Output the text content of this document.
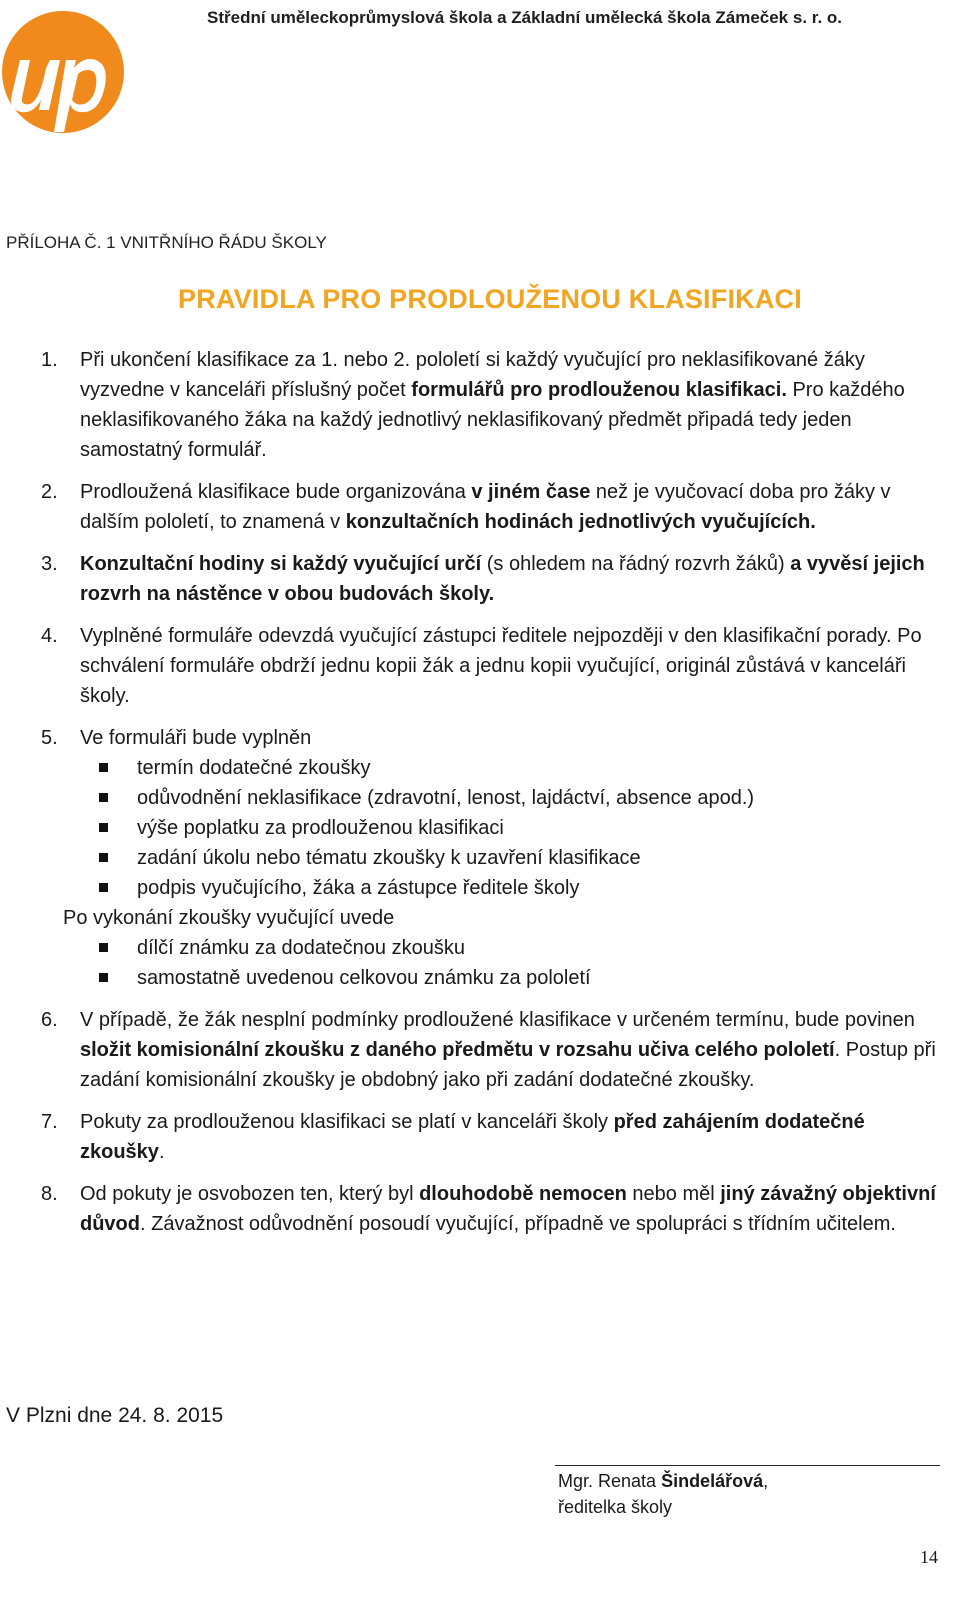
Střední uměleckoprůmyslová škola a Základní umělecká škola Zámeček s. r. o.
PŘÍLOHA Č. 1 VNITŘNÍHO ŘÁDU ŠKOLY
PRAVIDLA PRO PRODLOUŽENOU KLASIFIKACI
1. Při ukončení klasifikace za 1. nebo 2. pololetí si každý vyučující pro neklasifikované žáky vyzvedne v kanceláři příslušný počet formulářů pro prodlouženou klasifikaci. Pro každého neklasifikovaného žáka na každý jednotlivý neklasifikovaný předmět připadá tedy jeden samostatný formulář.

2. Prodloužená klasifikace bude organizována v jiném čase než je vyučovací doba pro žáky v dalším pololetí, to znamená v konzultačních hodinách jednotlivých vyučujících.

3. Konzultační hodiny si každý vyučující určí (s ohledem na řádný rozvrh žáků) a vyvěsí jejich rozvrh na nástěnce v obou budovách školy.

4. Vyplněné formuláře odevzdá vyučující zástupci ředitele nejpozději v den klasifikační porady. Po schválení formuláře obdrží jednu kopii žák a jednu kopii vyučující, originál zůstává v kanceláři školy.

5. Ve formuláři bude vyplněn

termín dodatečné zkoušky
odůvodnění neklasifikace (zdravotní, lenost, lajdáctví, absence apod.)
výše poplatku za prodlouženou klasifikaci
zadání úkolu nebo tématu zkoušky k uzavření klasifikace
podpis vyučujícího, žáka a zástupce ředitele školy
Po vykonání zkoušky vyučující uvede
dílčí známku za dodatečnou zkoušku
samostatně uvedenou celkovou známku za pololetí
6. V případě, že žák nesplní podmínky prodloužené klasifikace v určeném termínu, bude povinen složit komisionální zkoušku z daného předmětu v rozsahu učiva celého pololetí. Postup při zadání komisionální zkoušky je obdobný jako při zadání dodatečné zkoušky.

7. Pokuty za prodlouženou klasifikaci se platí v kanceláři školy před zahájením dodatečné zkoušky.

8. Od pokuty je osvobozen ten, který byl dlouhodobě nemocen nebo měl jiný závažný objektivní důvod. Závažnost odůvodnění posoudí vyučující, případně ve spolupráci s třídním učitelem.

V Plzni dne 24. 8. 2015
Mgr. Renata Šindelářová,
ředitelka školy
14
